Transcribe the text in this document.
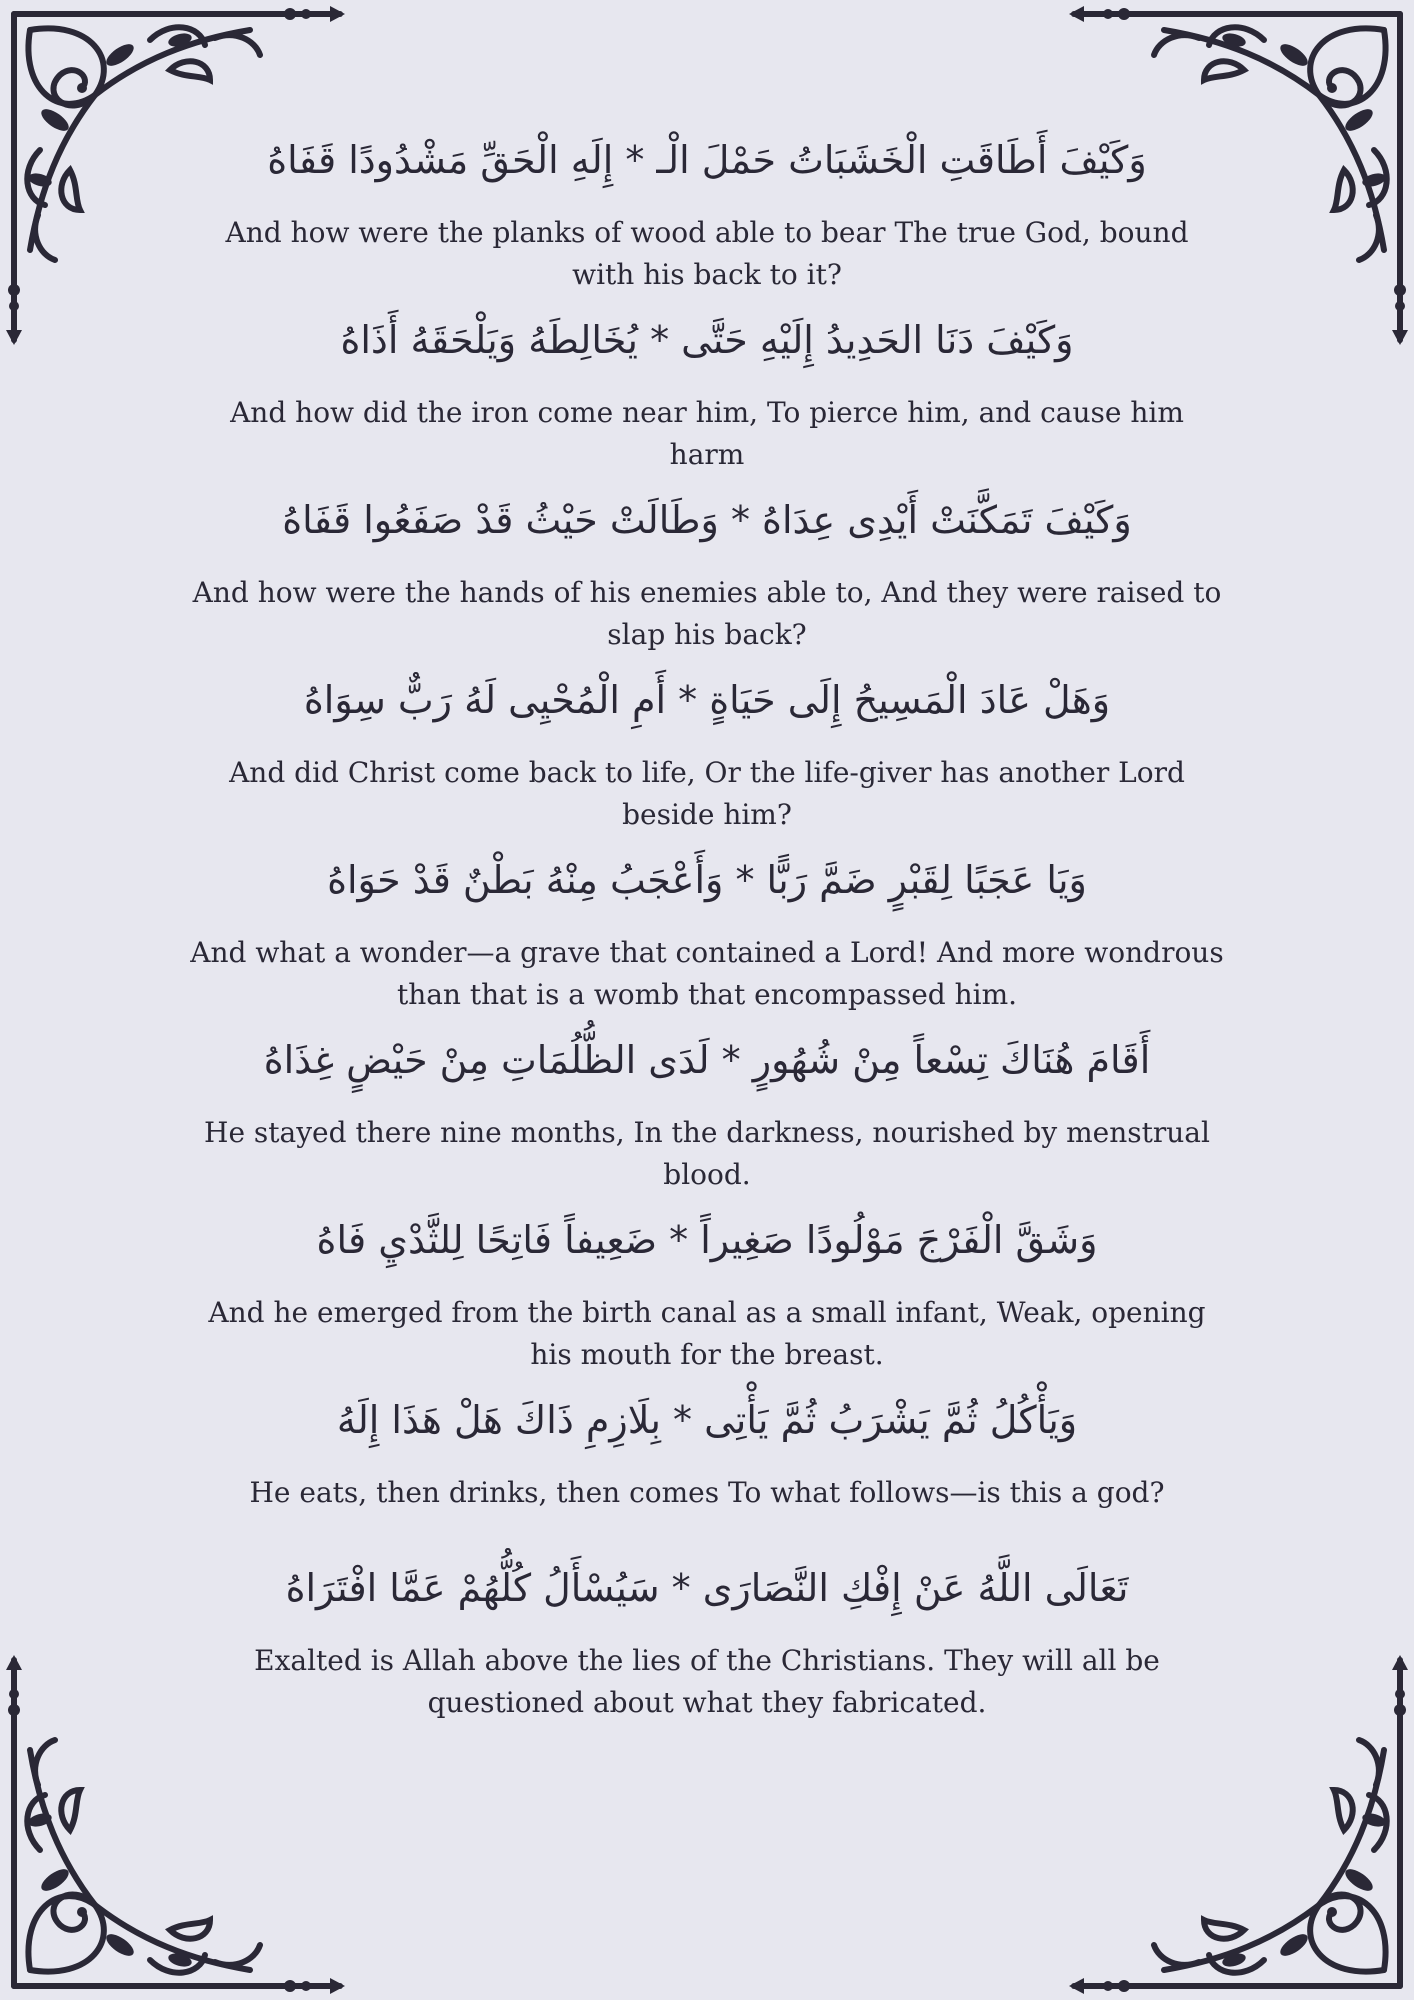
وَكَيْفَ أَطَاقَتِ الْخَشَبَاتُ حَمْلَ الْـ * إِلَهِ الْحَقِّ مَشْدُودًا قَفَاهُ

And how were the planks of wood able to bear The true God, bound with his back to it?

وَكَيْفَ دَنَا الحَدِيدُ إِلَيْهِ حَتَّى * يُخَالِطَهُ وَيَلْحَقَهُ أَذَاهُ

And how did the iron come near him, To pierce him, and cause him harm

وَكَيْفَ تَمَكَّنَتْ أَيْدِى عِدَاهُ * وَطَالَتْ حَيْثُ قَدْ صَفَعُوا قَفَاهُ

And how were the hands of his enemies able to, And they were raised to slap his back?

وَهَلْ عَادَ الْمَسِيحُ إِلَى حَيَاةٍ * أَمِ الْمُحْيِى لَهُ رَبٌّ سِوَاهُ

And did Christ come back to life, Or the life-giver has another Lord beside him?

وَيَا عَجَبًا لِقَبْرٍ ضَمَّ رَبًّا * وَأَعْجَبُ مِنْهُ بَطْنٌ قَدْ حَوَاهُ

And what a wonder—a grave that contained a Lord! And more wondrous than that is a womb that encompassed him.

أَقَامَ هُنَاكَ تِسْعاً مِنْ شُهُورٍ * لَدَى الظُّلُمَاتِ مِنْ حَيْضٍ غِذَاهُ

He stayed there nine months, In the darkness, nourished by menstrual blood.

وَشَقَّ الْفَرْجَ مَوْلُودًا صَغِيراً * ضَعِيفاً فَاتِحًا لِلثَّدْيِ فَاهُ

And he emerged from the birth canal as a small infant, Weak, opening his mouth for the breast.

وَيَأْكُلُ ثُمَّ يَشْرَبُ ثُمَّ يَأْتِى * بِلَازِمِ ذَاكَ هَلْ هَذَا إِلَهُ

He eats, then drinks, then comes To what follows—is this a god?

تَعَالَى اللَّهُ عَنْ إِفْكِ النَّصَارَى * سَيُسْأَلُ كُلُّهُمْ عَمَّا افْتَرَاهُ

Exalted is Allah above the lies of the Christians. They will all be questioned about what they fabricated.
